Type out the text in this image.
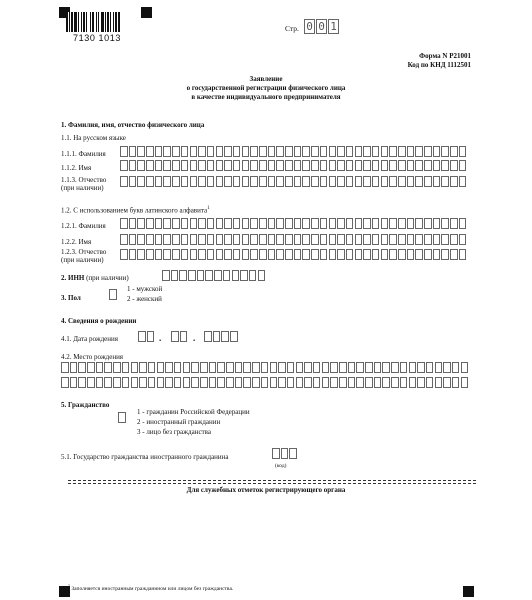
7130 1013
Стр. 0 0 1
Форма N Р21001
Код по КНД 1112501
Заявление
о государственной регистрации физического лица
в качестве индивидуального предпринимателя
1. Фамилия, имя, отчество физического лица
1.1. На русском языке
1.1.1. Фамилия
1.1.2. Имя
1.1.3. Отчество
(при наличии)
1.2. С использованием букв латинского алфавита$^1$
1.2.1. Фамилия
1.2.2. Имя
1.2.3. Отчество
(при наличии)
2. ИНН (при наличии)
3. Пол
1 - мужской
2 - женский
4. Сведения о рождении
4.1. Дата рождения	.	.
4.2. Место рождения
5. Гражданство
1 - гражданин Российской Федерации
2 - иностранный гражданин
3 - лицо без гражданства
5.1. Государство гражданства иностранного гражданина
(код)
Для служебных отметок регистрирующего органа
$^1$ Заполняется иностранным гражданином или лицом без гражданства.
